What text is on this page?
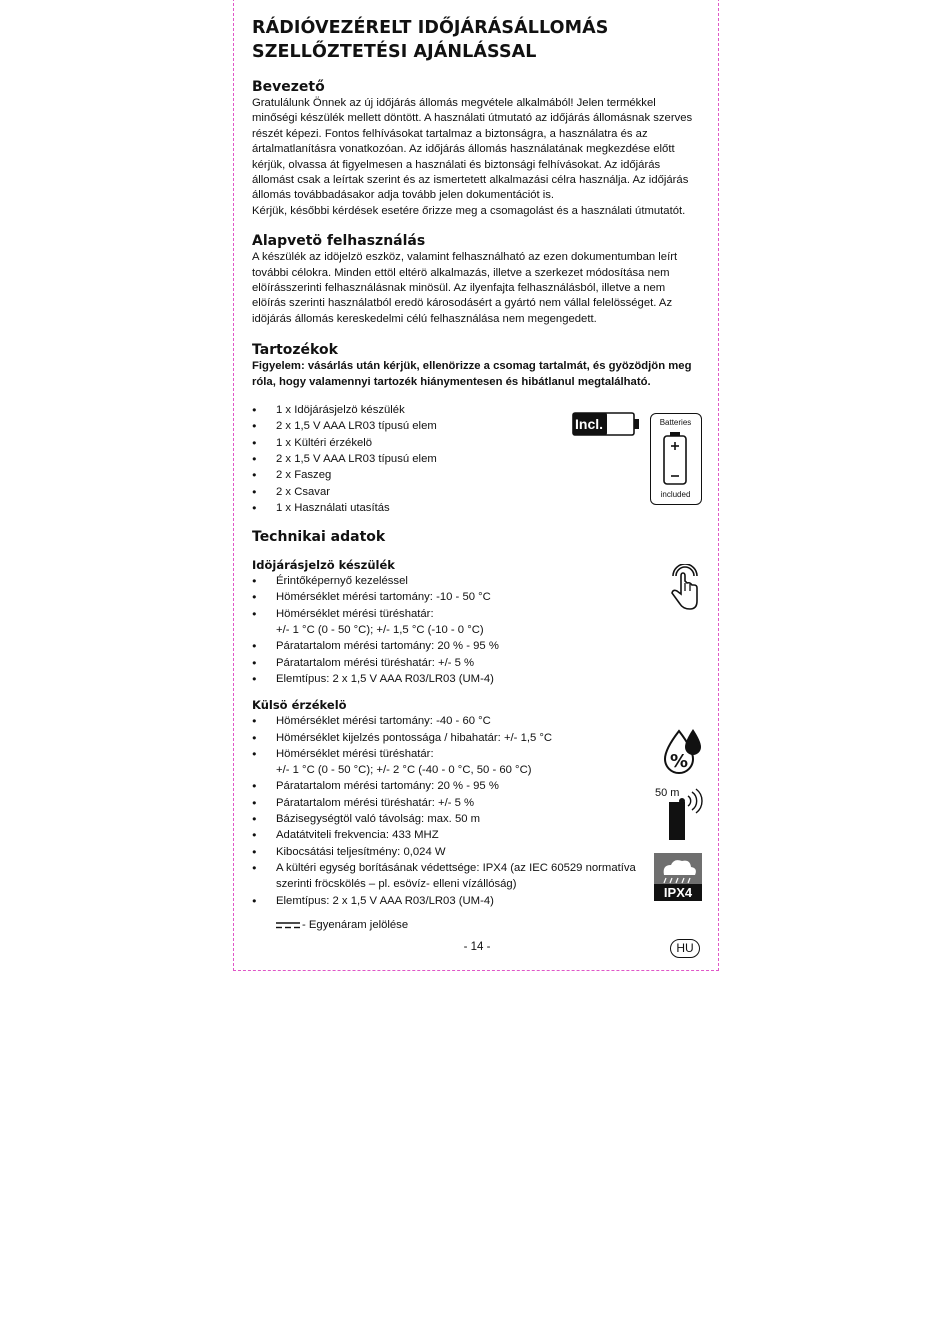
RÁDIÓVEZÉRELT IDŐJÁRÁSÁLLOMÁS
SZELLŐZTETÉSI AJÁNLÁSSAL
Bevezető

Gratulálunk Önnek az új időjárás állomás megvétele alkalmából! Jelen termékkel

minőségi készülék mellett döntött. A használati útmutató az időjárás állomásnak szerves

részét képezi. Fontos felhívásokat tartalmaz a biztonságra, a használatra és az

ártalmatlanításra vonatkozóan. Az időjárás állomás használatának megkezdése előtt

kérjük, olvassa át figyelmesen a használati és biztonsági felhívásokat. Az időjárás

állomást csak a leírtak szerint és az ismertetett alkalmazási célra használja. Az időjárás

állomás továbbadásakor adja tovább jelen dokumentációt is.

Kérjük, későbbi kérdések esetére őrizze meg a csomagolást és a használati útmutatót.

Alapvetö felhasználás

A készülék az idöjelzö eszköz, valamint felhasználható az ezen dokumentumban leírt

további célokra. Minden ettöl eltérö alkalmazás, illetve a szerkezet módosítása nem

elöírásszerinti felhasználásnak minösül. Az ilyenfajta felhasználásból, illetve a nem

elöírás szerinti használatból eredö károsodásért a gyártó nem vállal felelösséget. Az

idöjárás állomás kereskedelmi célú felhasználása nem megengedett.

Tartozékok

Figyelem: vásárlás után kérjük, ellenörizze a csomag tartalmát, és gyözödjön meg

róla, hogy valamennyi tartozék hiánymentesen és hibátlanul megtalálható.

● 1 x Idöjárásjelzö készülék
● 2 x 1,5 V AAA LR03 típusú elem
● 1 x Kültéri érzékelö
● 2 x 1,5 V AAA LR03 típusú elem
● 2 x Faszeg
● 2 x Csavar
● 1 x Használati utasítás
Technikai adatok
Idöjárásjelzö készülék
● Érintőképernyő kezeléssel
● Hömérséklet mérési tartomány: -10 - 50 °C
● Hömérséklet mérési türéshatár:
+/- 1 °C (0 - 50 °C); +/- 1,5 °C (-10 - 0 °C)
● Páratartalom mérési tartomány: 20 % - 95 %
● Páratartalom mérési türéshatár: +/- 5 %
● Elemtípus: 2 x 1,5 V AAA R03/LR03 (UM-4)
Külsö érzékelö
● Hömérséklet mérési tartomány: -40 - 60 °C
● Hömérséklet kijelzés pontossága / hibahatár: +/- 1,5 °C
● Hömérséklet mérési türéshatár:
+/- 1 °C (0 - 50 °C); +/- 2 °C (-40 - 0 °C, 50 - 60 °C)
● Páratartalom mérési tartomány: 20 % - 95 %
● Páratartalom mérési türéshatár: +/- 5 %
● Bázisegységtöl való távolság: max. 50 m
● Adatátviteli frekvencia: 433 MHZ
● Kibocsátási teljesítmény: 0,024 W
● A kültéri egység borításának védettsége: IPX4 (az IEC 60529 normatíva
szerinti fröcskölés – pl. esövíz- elleni vízállóság)
● Elemtípus: 2 x 1,5 V AAA R03/LR03 (UM-4)
- Egyenáram jelölése
Incl.	Batteries
included
%
50 m
IPX4
- 14 -	HU
